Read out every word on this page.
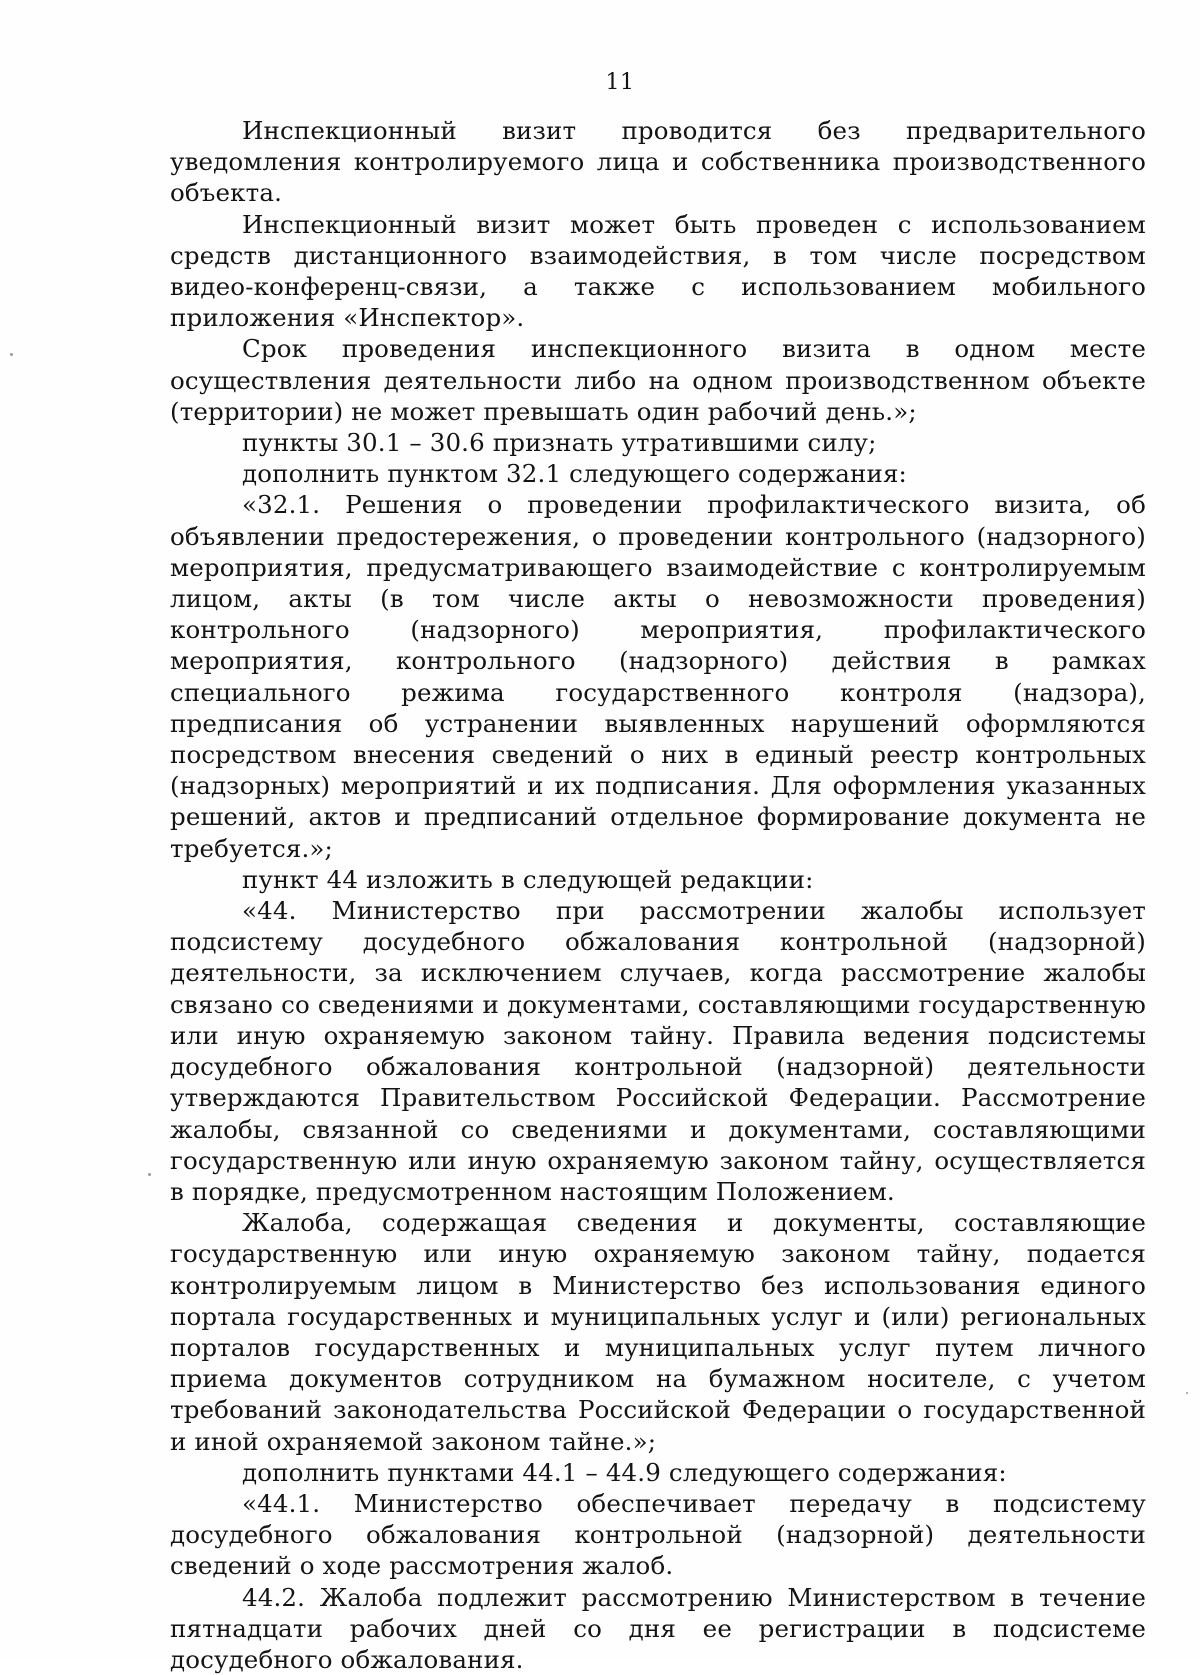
11

Инспекционный визит проводится без предварительного уведомления контролируемого лица и собственника производственного объекта.

Инспекционный визит может быть проведен с использованием средств дистанционного взаимодействия, в том числе посредством видео-конференц-связи, а также с использованием мобильного приложения «Инспектор».

Срок проведения инспекционного визита в одном месте осуществления деятельности либо на одном производственном объекте (территории) не может превышать один рабочий день.»;

пункты 30.1 – 30.6 признать утратившими силу;

дополнить пунктом 32.1 следующего содержания:

«32.1. Решения о проведении профилактического визита, об объявлении предостережения, о проведении контрольного (надзорного) мероприятия, предусматривающего взаимодействие с контролируемым лицом, акты (в том числе акты о невозможности проведения) контрольного (надзорного) мероприятия, профилактического мероприятия, контрольного (надзорного) действия в рамках специального режима государственного контроля (надзора), предписания об устранении выявленных нарушений оформляются посредством внесения сведений о них в единый реестр контрольных (надзорных) мероприятий и их подписания. Для оформления указанных решений, актов и предписаний отдельное формирование документа не требуется.»;

пункт 44 изложить в следующей редакции:

«44. Министерство при рассмотрении жалобы использует подсистему досудебного обжалования контрольной (надзорной) деятельности, за исключением случаев, когда рассмотрение жалобы связано со сведениями и документами, составляющими государственную или иную охраняемую законом тайну. Правила ведения подсистемы досудебного обжалования контрольной (надзорной) деятельности утверждаются Правительством Российской Федерации. Рассмотрение жалобы, связанной со сведениями и документами, составляющими государственную или иную охраняемую законом тайну, осуществляется в порядке, предусмотренном настоящим Положением.

Жалоба, содержащая сведения и документы, составляющие государственную или иную охраняемую законом тайну, подается контролируемым лицом в Министерство без использования единого портала государственных и муниципальных услуг и (или) региональных порталов государственных и муниципальных услуг путем личного приема документов сотрудником на бумажном носителе, с учетом требований законодательства Российской Федерации о государственной и иной охраняемой законом тайне.»;

дополнить пунктами 44.1 – 44.9 следующего содержания:

«44.1. Министерство обеспечивает передачу в подсистему досудебного обжалования контрольной (надзорной) деятельности сведений о ходе рассмотрения жалоб.

44.2. Жалоба подлежит рассмотрению Министерством в течение пятнадцати рабочих дней со дня ее регистрации в подсистеме досудебного обжалования.
